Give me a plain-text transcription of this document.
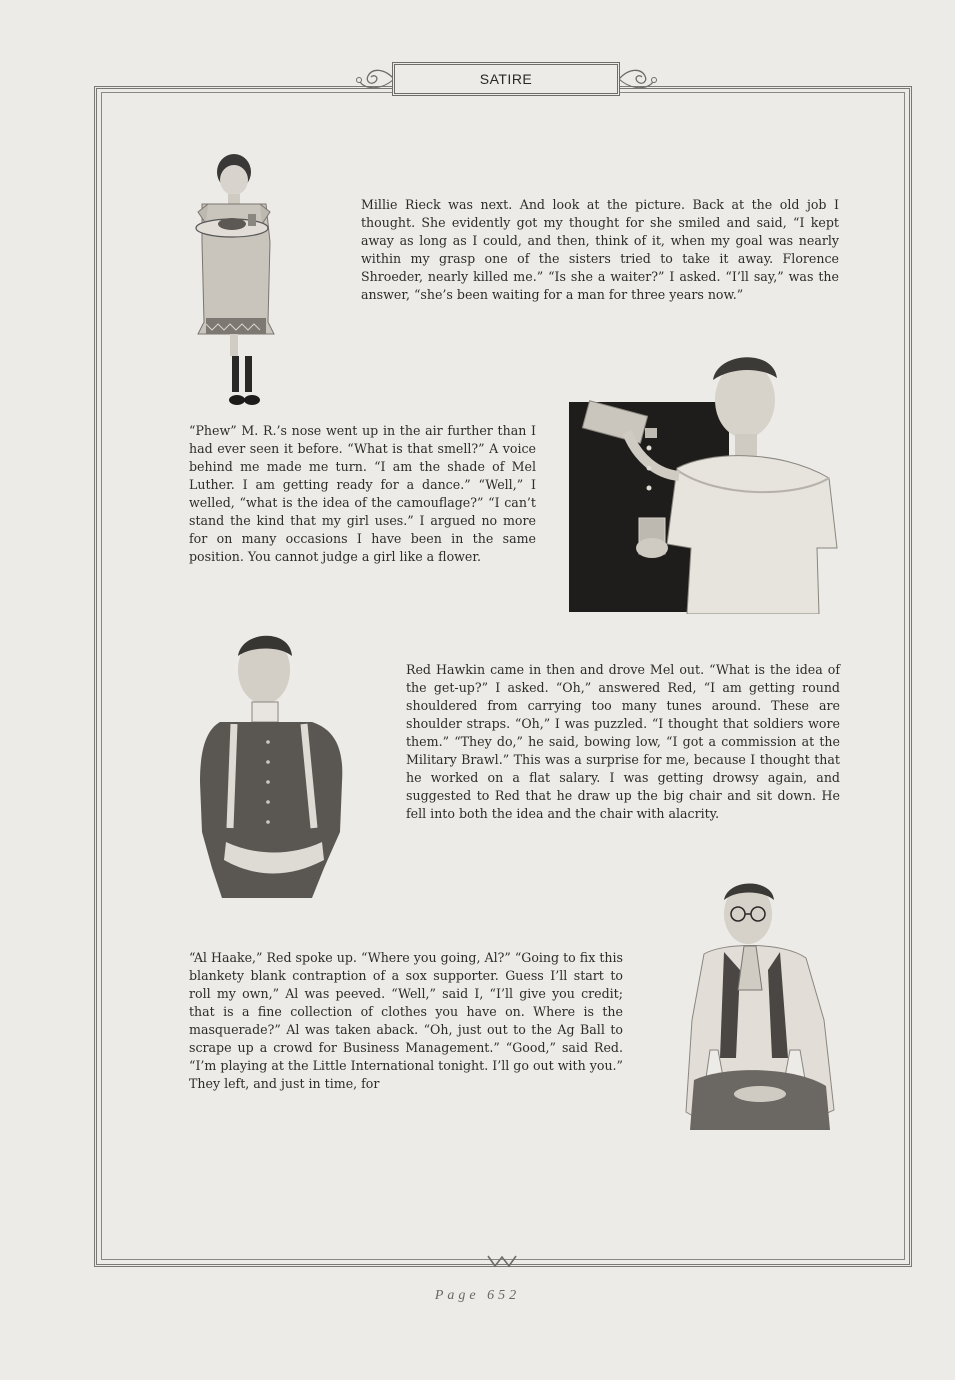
SATIRE
Millie Rieck was next. And look at the picture. Back at the old job I thought. She evidently got my thought for she smiled and said, “I kept away as long as I could, and then, think of it, when my goal was nearly within my grasp one of the sisters tried to take it away. Florence Shroeder, nearly killed me.” “Is she a waiter?” I asked. “I’ll say,” was the answer, “she’s been waiting for a man for three years now.”
“Phew” M. R.’s nose went up in the air further than I had ever seen it before. “What is that smell?” A voice behind me made me turn. “I am the shade of Mel Luther. I am getting ready for a dance.” “Well,” I welled, “what is the idea of the camouflage?” “I can’t stand the kind that my girl uses.” I argued no more for on many occasions I have been in the same position. You cannot judge a girl like a flower.
Red Hawkin came in then and drove Mel out. “What is the idea of the get-up?” I asked. “Oh,” answered Red, “I am getting round shouldered from carrying too many tunes around. These are shoulder straps. “Oh,” I was puzzled. “I thought that soldiers wore them.” “They do,” he said, bowing low, “I got a commission at the Military Brawl.” This was a surprise for me, because I thought that he worked on a flat salary. I was getting drowsy again, and suggested to Red that he draw up the big chair and sit down. He fell into both the idea and the chair with alacrity.
“Al Haake,” Red spoke up. “Where you going, Al?” “Going to fix this blankety blank contraption of a sox supporter. Guess I’ll start to roll my own,” Al was peeved. “Well,” said I, “I’ll give you credit; that is a fine collection of clothes you have on. Where is the masquerade?” Al was taken aback. “Oh, just out to the Ag Ball to scrape up a crowd for Business Management.” “Good,” said Red. “I’m playing at the Little International tonight. I’ll go out with you.” They left, and just in time, for
Page 652
